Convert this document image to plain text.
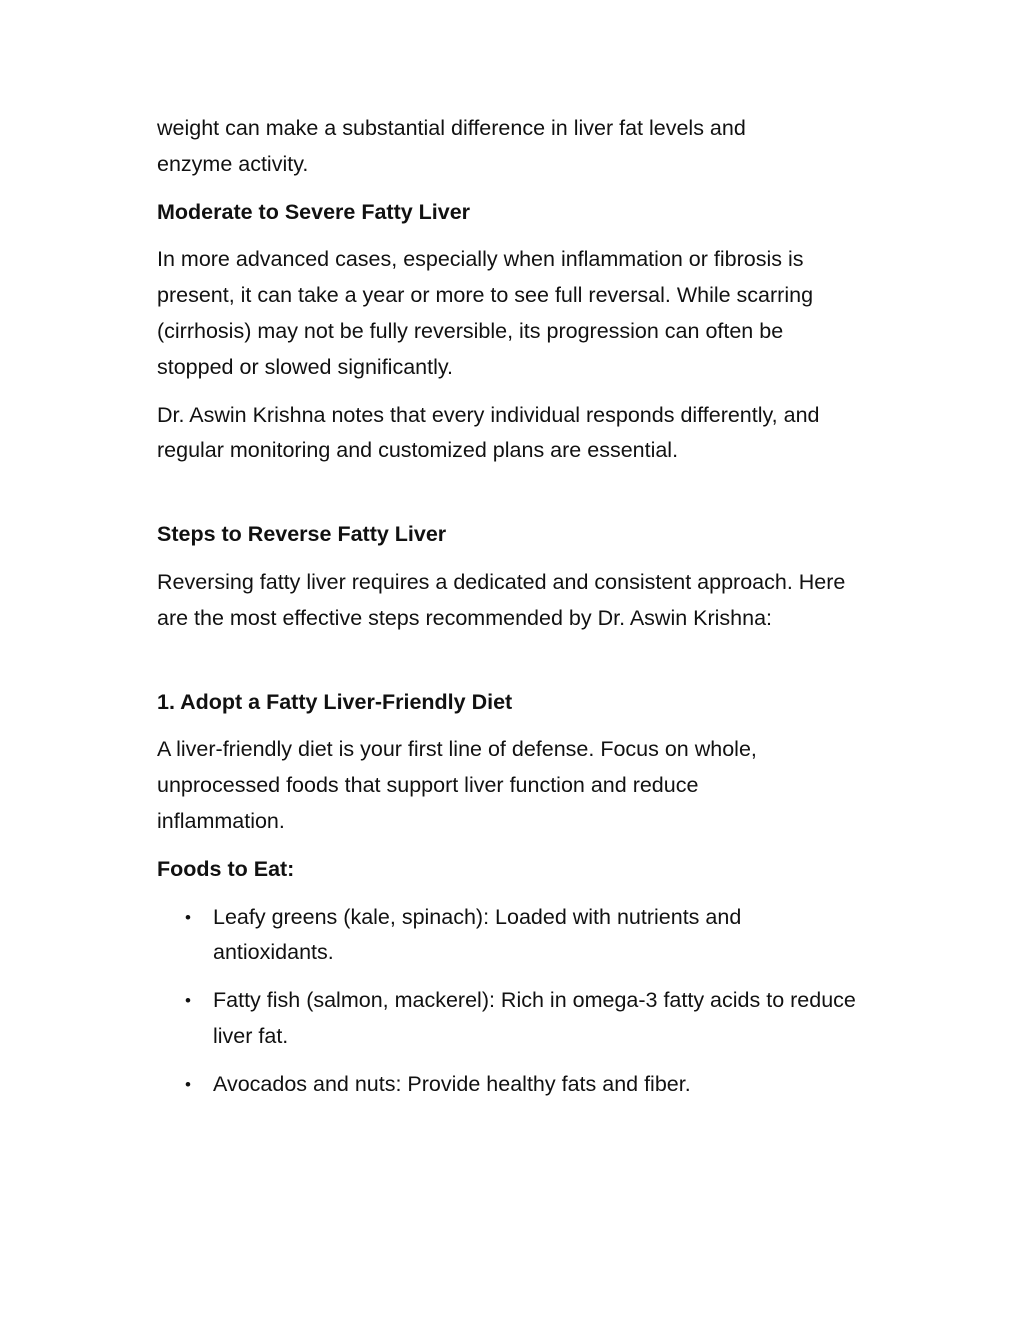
weight can make a substantial difference in liver fat levels and enzyme activity.

Moderate to Severe Fatty Liver

In more advanced cases, especially when inflammation or fibrosis is present, it can take a year or more to see full reversal. While scarring (cirrhosis) may not be fully reversible, its progression can often be stopped or slowed significantly.

Dr. Aswin Krishna notes that every individual responds differently, and regular monitoring and customized plans are essential.

Steps to Reverse Fatty Liver

Reversing fatty liver requires a dedicated and consistent approach. Here are the most effective steps recommended by Dr. Aswin Krishna:

1. Adopt a Fatty Liver-Friendly Diet

A liver-friendly diet is your first line of defense. Focus on whole, unprocessed foods that support liver function and reduce inflammation.

Foods to Eat:
• Leafy greens (kale, spinach): Loaded with nutrients and antioxidants.
• Fatty fish (salmon, mackerel): Rich in omega-3 fatty acids to reduce liver fat.
• Avocados and nuts: Provide healthy fats and fiber.
